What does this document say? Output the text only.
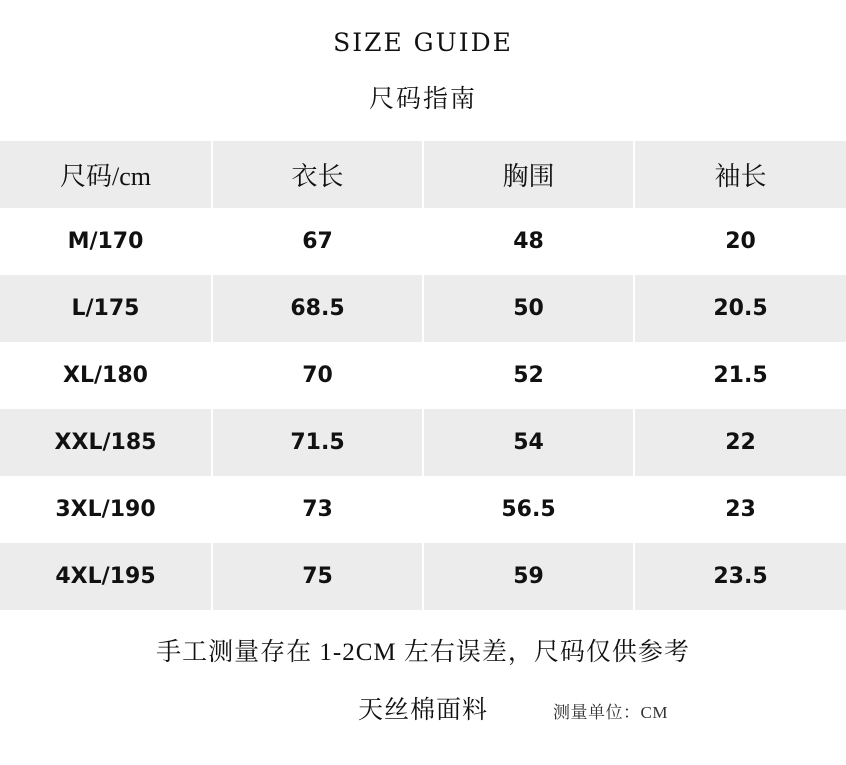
SIZE GUIDE
尺码指南
尺码/cm	衣长	胸围	袖长
M/170	67	48	20
L/175	68.5	50	20.5
XL/180	70	52	21.5
XXL/185	71.5	54	22
3XL/190	73	56.5	23
4XL/195	75	59	23.5
手工测量存在 1-2CM 左右误差，尺码仅供参考
天丝棉面料	测量单位：CM
